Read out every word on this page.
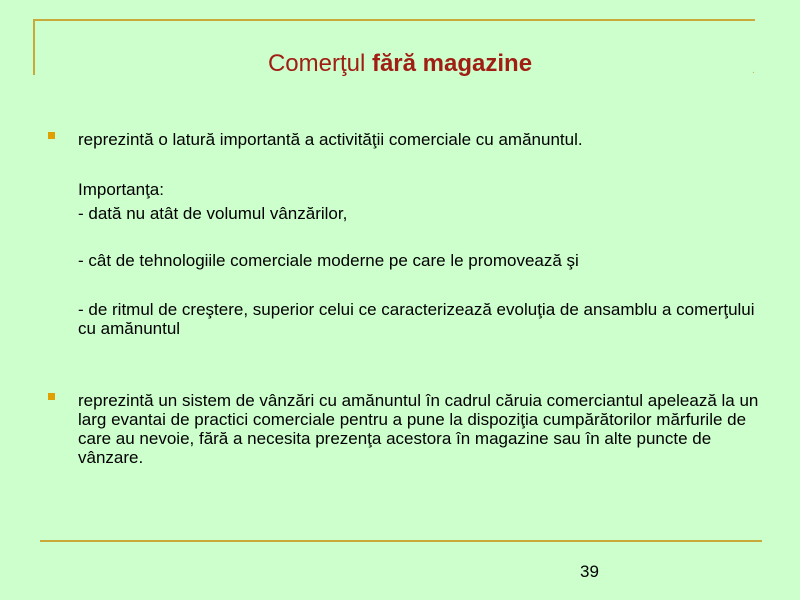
.
Comerţul fără magazine
reprezintă o latură importantă a activităţii comerciale cu amănuntul.
Importanţa:
- dată nu atât de volumul vânzărilor,
- cât de tehnologiile comerciale moderne pe care le promovează şi
- de ritmul de creştere, superior celui ce caracterizează evoluţia de ansamblu a comerţului cu amănuntul
reprezintă un sistem de vânzări cu amănuntul în cadrul căruia comerciantul apelează la un larg evantai de practici comerciale pentru a pune la dispoziţia cumpărătorilor mărfurile de care au nevoie, fără a necesita prezenţa acestora în magazine sau în alte puncte de vânzare.
39
